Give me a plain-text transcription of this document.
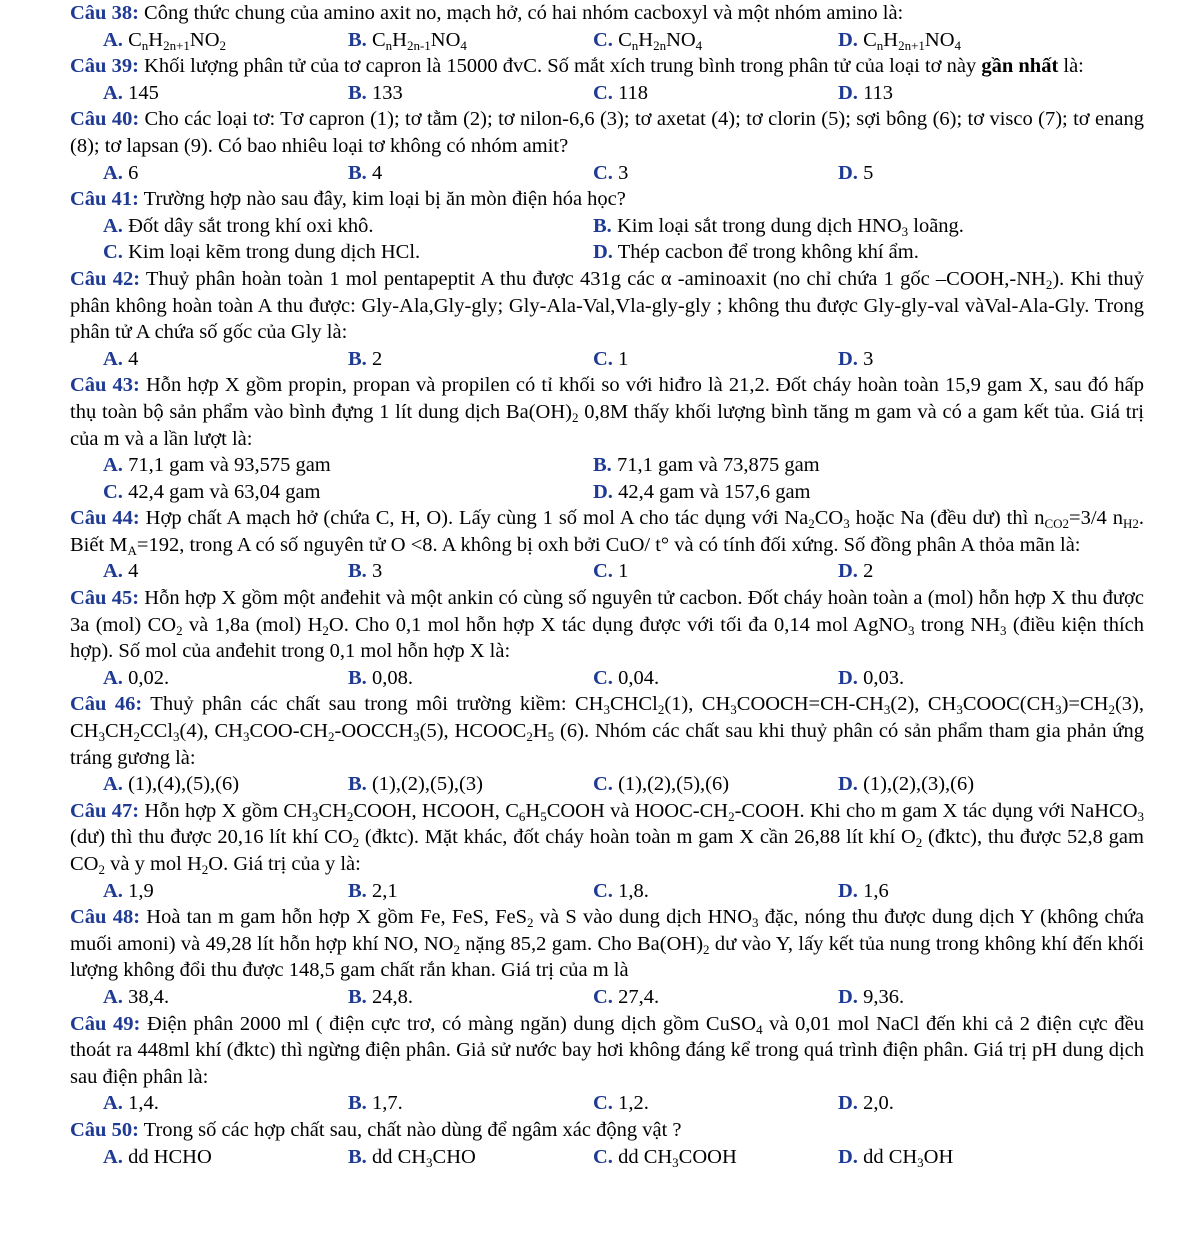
Câu 38: Công thức chung của amino axit no, mạch hở, có hai nhóm cacboxyl và một nhóm amino là:

A. $C_nH_{2n+1}NO_2$	B. $C_nH_{2n-1}NO_4$	C. $C_nH_{2n}NO_4$	D. $C_nH_{2n+1}NO_4$

Câu 39: Khối lượng phân tử của tơ capron là 15000 đvC. Số mắt xích trung bình trong phân tử của loại tơ này gần nhất là:

A. 145	B. 133	C. 118	D. 113

Câu 40: Cho các loại tơ: Tơ capron (1); tơ tằm (2); tơ nilon-6,6 (3); tơ axetat (4); tơ clorin (5); sợi bông (6); tơ visco (7); tơ enang (8); tơ lapsan (9). Có bao nhiêu loại tơ không có nhóm amit?

A. 6	B. 4	C. 3	D. 5

Câu 41: Trường hợp nào sau đây, kim loại bị ăn mòn điện hóa học?

A. Đốt dây sắt trong khí oxi khô.	B. Kim loại sắt trong dung dịch $HNO_3$ loãng.
C. Kim loại kẽm trong dung dịch HCl.	D. Thép cacbon để trong không khí ẩm.

Câu 42: Thuỷ phân hoàn toàn 1 mol pentapeptit A thu được 431g các α -aminoaxit (no chỉ chứa 1 gốc $-COOH,-NH_2$). Khi thuỷ phân không hoàn toàn A thu được: Gly-Ala,Gly-gly; Gly-Ala-Val,Vla-gly-gly ; không thu được Gly-gly-val vàVal-Ala-Gly. Trong phân tử A chứa số gốc của Gly là:

A. 4	B. 2	C. 1	D. 3

Câu 43: Hỗn hợp X gồm propin, propan và propilen có tỉ khối so với hiđro là 21,2. Đốt cháy hoàn toàn 15,9 gam X, sau đó hấp thụ toàn bộ sản phẩm vào bình đựng 1 lít dung dịch $Ba(OH)_2$ 0,8M thấy khối lượng bình tăng m gam và có a gam kết tủa. Giá trị của m và a lần lượt là:

A. 71,1 gam và 93,575 gam	B. 71,1 gam và 73,875 gam
C. 42,4 gam và 63,04 gam	D. 42,4 gam và 157,6 gam

Câu 44: Hợp chất A mạch hở (chứa C, H, O). Lấy cùng 1 số mol A cho tác dụng với $Na_2CO_3$ hoặc Na (đều dư) thì $n_{CO2}=3/4$ $n_{H2}$. Biết $M_A=192$, trong A có số nguyên tử O <8. A không bị oxh bởi CuO/ t° và có tính đối xứng. Số đồng phân A thỏa mãn là:

A. 4	B. 3	C. 1	D. 2

Câu 45: Hỗn hợp X gồm một anđehit và một ankin có cùng số nguyên tử cacbon. Đốt cháy hoàn toàn a (mol) hỗn hợp X thu được 3a (mol) $CO_2$ và 1,8a (mol) $H_2O$. Cho 0,1 mol hỗn hợp X tác dụng được với tối đa 0,14 mol AgNO$_3$ trong $NH_3$ (điều kiện thích hợp). Số mol của anđehit trong 0,1 mol hỗn hợp X là:

A. 0,02.	B. 0,08.	C. 0,04.	D. 0,03.

Câu 46: Thuỷ phân các chất sau trong môi trường kiềm: $CH_3CHCl_2(1)$, $CH_3COOCH=CH-CH_3(2)$, $CH_3COOC(CH_3)=CH_2(3)$, $CH_3CH_2CCl_3(4)$, $CH_3COO-CH_2-OOCCH_3(5)$, $HCOOC_2H_5$ (6). Nhóm các chất sau khi thuỷ phân có sản phẩm tham gia phản ứng tráng gương là:

A. (1),(4),(5),(6)	B. (1),(2),(5),(3)	C. (1),(2),(5),(6)	D. (1),(2),(3),(6)

Câu 47: Hỗn hợp X gồm $CH_3CH_2COOH$, HCOOH, $C_6H_5COOH$ và HOOC-$CH_2$-COOH. Khi cho m gam X tác dụng với NaHCO$_3$ (dư) thì thu được 20,16 lít khí $CO_2$ (đktc). Mặt khác, đốt cháy hoàn toàn m gam X cần 26,88 lít khí $O_2$ (đktc), thu được 52,8 gam $CO_2$ và y mol $H_2O$. Giá trị của y là:

A. 1,9	B. 2,1	C. 1,8.	D. 1,6

Câu 48: Hoà tan m gam hỗn hợp X gồm Fe, FeS, FeS$_2$ và S vào dung dịch $HNO_3$ đặc, nóng thu được dung dịch Y (không chứa muối amoni) và 49,28 lít hỗn hợp khí NO, $NO_2$ nặng 85,2 gam. Cho $Ba(OH)_2$ dư vào Y, lấy kết tủa nung trong không khí đến khối lượng không đổi thu được 148,5 gam chất rắn khan. Giá trị của m là

A. 38,4.	B. 24,8.	C. 27,4.	D. 9,36.

Câu 49: Điện phân 2000 ml ( điện cực trơ, có màng ngăn) dung dịch gồm CuSO$_4$ và 0,01 mol NaCl đến khi cả 2 điện cực đều thoát ra 448ml khí (đktc) thì ngừng điện phân. Giả sử nước bay hơi không đáng kể trong quá trình điện phân. Giá trị pH dung dịch sau điện phân là:

A. 1,4.	B. 1,7.	C. 1,2.	D. 2,0.

Câu 50: Trong số các hợp chất sau, chất nào dùng để ngâm xác động vật ?

A. dd HCHO	B. dd $CH_3CHO$	C. dd $CH_3COOH$	D. dd $CH_3OH$
